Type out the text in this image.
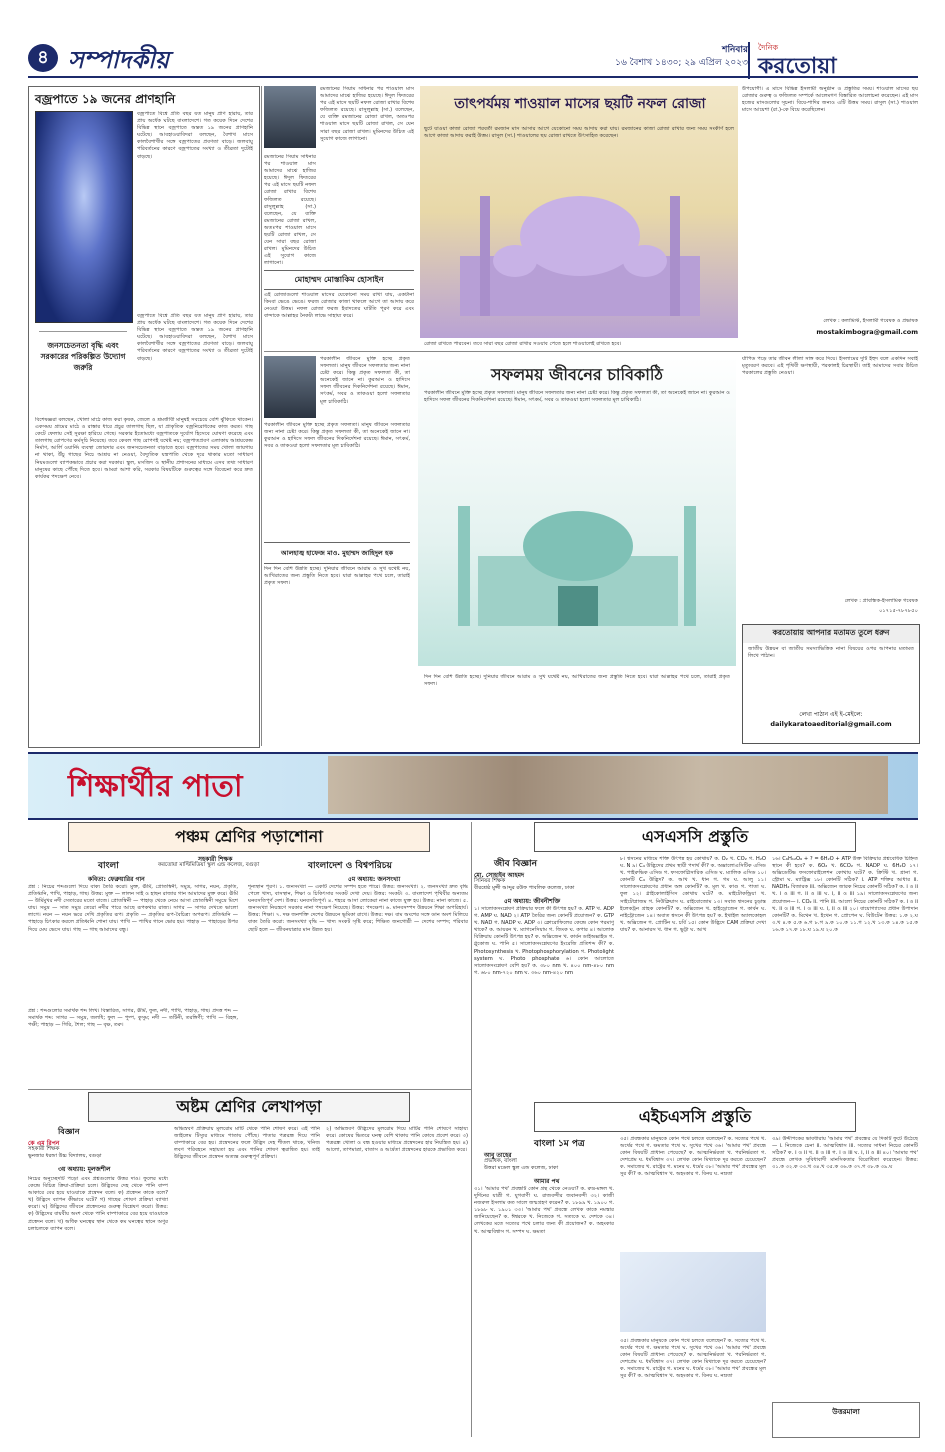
৪ সম্পাদকীয়	শনিবার
১৬ বৈশাখ ১৪৩০; ২৯ এপ্রিল ২০২৩
দৈনিক
করতোয়া
বজ্রপাতে ১৯ জনের প্রাণহানি
বজ্রপাতে বিশ্বে প্রতি বছর যত মানুষ প্রাণ হারায়, তার প্রায় অর্ধেক ঘটছে বাংলাদেশে। গত কয়েক দিনে দেশের বিভিন্ন স্থানে বজ্রপাতে অন্তত ১৯ জনের প্রাণহানি ঘটেছে। আবহাওয়াবিদরা বলছেন, বৈশাখ মাসে কালবৈশাখীর সঙ্গে বজ্রপাতের প্রবণতা বাড়ে। জলবায়ু পরিবর্তনের কারণে বজ্রপাতের সংখ্যা ও তীব্রতা দুটোই বাড়ছে।
জনসচেতনতা বৃদ্ধি এবং সরকারের পরিকল্পিত উদ্যোগ জরুরি
বজ্রপাতে বিশ্বে প্রতি বছর যত মানুষ প্রাণ হারায়, তার প্রায় অর্ধেক ঘটছে বাংলাদেশে। গত কয়েক দিনে দেশের বিভিন্ন স্থানে বজ্রপাতে অন্তত ১৯ জনের প্রাণহানি ঘটেছে। আবহাওয়াবিদরা বলছেন, বৈশাখ মাসে কালবৈশাখীর সঙ্গে বজ্রপাতের প্রবণতা বাড়ে। জলবায়ু পরিবর্তনের কারণে বজ্রপাতের সংখ্যা ও তীব্রতা দুটোই বাড়ছে।
বিশেষজ্ঞরা বলছেন, খোলা মাঠে কাজ করা কৃষক, জেলে ও শ্রমজীবী মানুষই সবচেয়ে বেশি ঝুঁকিতে থাকেন। একসময় গ্রামের মাঠে ও রাস্তার ধারে প্রচুর তালগাছ ছিল, যা প্রাকৃতিক বজ্রনিরোধকের কাজ করত। গাছ কেটে ফেলায় সেই সুরক্ষা হারিয়ে গেছে। সরকার ইতোমধ্যে বজ্রপাতকে দুর্যোগ হিসেবে ঘোষণা করেছে এবং তালগাছ রোপণের কর্মসূচি নিয়েছে। তবে কেবল গাছ রোপণই যথেষ্ট নয়; বজ্রপাতপ্রবণ এলাকায় আশ্রয়কেন্দ্র নির্মাণ, আর্লি ওয়ার্নিং ব্যবস্থা জোরদার এবং জনসচেতনতা বাড়াতে হবে। বজ্রপাতের সময় খোলা জায়গায় না থাকা, উঁচু গাছের নিচে আশ্রয় না নেওয়া, বৈদ্যুতিক যন্ত্রপাতি থেকে দূরে থাকার মতো সাধারণ নিয়মগুলো ব্যাপকভাবে প্রচার করা দরকার। স্কুল, মসজিদ ও স্থানীয় প্রশাসনের মাধ্যমে এসব তথ্য সাধারণ মানুষের কাছে পৌঁছে দিতে হবে। আমরা আশা করি, সরকার বিষয়টিকে গুরুত্বের সঙ্গে বিবেচনা করে দ্রুত কার্যকর পদক্ষেপ নেবে।
রমজানের সিয়াম সাধনার পর শাওয়াল মাস আমাদের মাঝে হাজির হয়েছে। ঈদুল ফিতরের পর এই মাসে ছয়টি নফল রোজা রাখার বিশেষ ফজিলত রয়েছে। রাসুলুল্লাহ (সা.) বলেছেন, যে ব্যক্তি রমজানের রোজা রাখল, অতঃপর শাওয়াল মাসে ছয়টি রোজা রাখল, সে যেন সারা বছর রোজা রাখল। মুমিনদের উচিত এই সুযোগ কাজে লাগানো।
রমজানের সিয়াম সাধনার পর শাওয়াল মাস আমাদের মাঝে হাজির হয়েছে। ঈদুল ফিতরের পর এই মাসে ছয়টি নফল রোজা রাখার বিশেষ ফজিলত রয়েছে। রাসুলুল্লাহ (সা.) বলেছেন, যে ব্যক্তি রমজানের রোজা রাখল, অতঃপর শাওয়াল মাসে ছয়টি রোজা রাখল, সে যেন সারা বছর রোজা রাখল। মুমিনদের উচিত এই সুযোগ কাজে লাগানো।
মোহাম্মদ মোস্তাকিম হোসাইন
এই রোজাগুলো শাওয়াল মাসের যেকোনো সময় রাখা যায়, একটানা কিংবা ভেঙে ভেঙে। ফরজ রোজার কাজা থাকলে আগে তা আদায় করে নেওয়া উত্তম। নফল রোজা ফরজ ইবাদতের ঘাটতি পূরণ করে এবং বান্দাকে আল্লাহর নৈকট্য লাভে সাহায্য করে।
তাৎপর্যময় শাওয়াল মাসের ছয়টি নফল রোজা
ছুটে যাওয়া কাজা রোজা পরবর্তী রমজান মাস আসার আগে যেকোনো সময় আদায় করা যায়। রমজানের কাজা রোজা রাখার জন্য সময় সংকীর্ণ হলে আগে কাজা আদায় করাই উত্তম। রাসুল (সা.) শাওয়ালের ছয় রোজা রাখতে উৎসাহিত করেছেন।
উপযোগী। এ মাসে বিভিন্ন ইসলামী অনুষ্ঠান ও প্রস্তুতির সময়। শাওয়াল মাসের ছয় রোজার গুরুত্ব ও ফজিলত সম্পর্কে আলেমগণ বিস্তারিত আলোচনা করেছেন। এই মাস হজের মাসগুলোর সূচনা। বিয়ে-শাদির জন্যও এটি উত্তম সময়। রাসুল (সা.) শাওয়াল মাসে আয়েশা (রা.)-কে বিয়ে করেছিলেন।
রোজা রাখতে পারবেন। তবে সারা বছর রোজা রাখার সওয়াব পেতে হলে শাওয়ালেই রাখতে হবে।
লেখক : কলামিস্ট, ইসলামী গবেষক ও প্রভাষক
mostakimbogra@gmail.com
পরকালীন জীবনে মুক্তি হচ্ছে প্রকৃত সফলতা। মানুষ জীবনে সফলতার জন্য নানা চেষ্টা করে। কিন্তু প্রকৃত সফলতা কী, তা অনেকেই জানে না। কুরআন ও হাদিসে সফল জীবনের দিকনির্দেশনা রয়েছে। ঈমান, সৎকর্ম, সবর ও তাকওয়া হলো সফলতার মূল চাবিকাঠি।
পরকালীন জীবনে মুক্তি হচ্ছে প্রকৃত সফলতা। মানুষ জীবনে সফলতার জন্য নানা চেষ্টা করে। কিন্তু প্রকৃত সফলতা কী, তা অনেকেই জানে না। কুরআন ও হাদিসে সফল জীবনের দিকনির্দেশনা রয়েছে। ঈমান, সৎকর্ম, সবর ও তাকওয়া হলো সফলতার মূল চাবিকাঠি।
আলহাজ্ব হাফেজ মাও. মুহাম্মদ জাহিদুল হক
দিন দিন বেশি উন্নতি হচ্ছে। দুনিয়ার জীবনে আরাম ও সুখ যথেষ্ট নয়, আখিরাতের জন্য প্রস্তুতি নিতে হবে। যারা আল্লাহর পথে চলে, তারাই প্রকৃত সফল।
সফলময় জীবনের চাবিকাঠি
পরকালীন জীবনে মুক্তি হচ্ছে প্রকৃত সফলতা। মানুষ জীবনে সফলতার জন্য নানা চেষ্টা করে। কিন্তু প্রকৃত সফলতা কী, তা অনেকেই জানে না। কুরআন ও হাদিসে সফল জীবনের দিকনির্দেশনা রয়েছে। ঈমান, সৎকর্ম, সবর ও তাকওয়া হলো সফলতার মূল চাবিকাঠি।
দিন দিন বেশি উন্নতি হচ্ছে। দুনিয়ার জীবনে আরাম ও সুখ যথেষ্ট নয়, আখিরাতের জন্য প্রস্তুতি নিতে হবে। যারা আল্লাহর পথে চলে, তারাই প্রকৃত সফল।
র্যাপিড পড়ে তার জীবন লীলা সাঙ্গ করে দিয়ে। ইসলামের দুটি ইহুদ বলে একদিন সবাই মৃত্যুবরণ করবে। এই পৃথিবী ক্ষণস্থায়ী, পরকালই চিরস্থায়ী। তাই আমাদের সবার উচিত পরকালের প্রস্তুতি নেওয়া।
লেখক : প্রাবন্ধিক-ইসলামিক গবেষক
০১৭১৫-৭৮৭৮৫০
করতোয়ায় আপনার মতামত তুলে ধরুন
জাতীয় উন্নয়ন বা জাতীয় সমস্যাভিত্তিক নানা বিষয়ের ওপর আপনার মতামত লিখে পাঠান।
লেখা পাঠান এই ই-মেইলে:
dailykaratoaeditorial@gmail.com
শিক্ষার্থীর পাতা
পঞ্চম শ্রেণির পড়াশোনা
বাংলা	বাংলাদেশ ও বিশ্বপরিচয়
সহকারী শিক্ষক
করতোয়া মাল্টিমিডিয়া স্কুল এন্ড কলেজ, বগুড়া
কবিতা: ফেব্রুয়ারির গান	৫ম অধ্যায়: জনসংখ্যা
প্রশ্ন : নিচের শব্দগুলো দিয়ে বাক্য তৈরি করো। মুক্ত, ঊর্মি, প্রোতস্বিনী, সমুদ্র, সাগর, নয়ন, প্রকৃতি, প্রতিধ্বনি, পাখি, পাহাড়, গাছ। উত্তর: মুক্ত — লালন সাই ও হাছন রাজার গান আমাদের মুক্ত করে। ঊর্মি — উর্মিমুখর নদী সেতারের মতো বাজে। প্রোতস্বিনী — পাহাড় থেকে নেমে আসা স্রোতস্বিনী সমুদ্রে মিশে যায়। সমুদ্র — সাত সমুদ্র তেরো নদীর পারে আছে রূপকথার রাজ্য। সাগর — সাগর দেখতে ভালো লাগে। নয়ন — নয়ন ভরে দেখি প্রকৃতির রূপ। প্রকৃতি — প্রকৃতির রূপ-বৈচিত্র্য অপরূপ। প্রতিধ্বনি — পাহাড়ে চিৎকার করলে প্রতিধ্বনি শোনা যায়। পাখি — পাখির গানে ভোর হয়। পাহাড় — পাহাড়ের উপর দিয়ে মেঘ ভেসে যায়। গাছ — গাছ আমাদের বন্ধু।
প্রশ্ন : শব্দগুলোর সমার্থক শব্দ লিখ। বিস্তারিত, সাগর, ঊর্মি, ফুল, নদী, পাখি, পাহাড়, গাছ। প্রদত্ত শব্দ — সমার্থক শব্দ: সাগর — সমুদ্র, জলধি; ফুল — পুষ্প, কুসুম; নদী — তটিনী, তরঙ্গিণী; পাখি — বিহঙ্গ, পক্ষী; পাহাড় — গিরি, শৈল; গাছ — বৃক্ষ, তরু।
শূন্যস্থান পূরণ। ১. জনসংখ্যা — একটি দেশের সম্পদ হতে পারে। উত্তর: জনসংখ্যা। ২. জনসংখ্যা দ্রুত বৃদ্ধি পেলে খাদ্য, বাসস্থান, শিক্ষা ও চিকিৎসার সংকট দেখা দেয়। উত্তর: সংকট। ৩. বাংলাদেশ পৃথিবীর অন্যতম ঘনবসতিপূর্ণ দেশ। উত্তর: ঘনবসতিপূর্ণ। ৪. শহরে আসা লোকেরা নানা কাজে যুক্ত হয়। উত্তর: নানা কাজে। ৫. জনসংখ্যা নিয়ন্ত্রণে সরকার নানা পদক্ষেপ নিয়েছে। উত্তর: পদক্ষেপ। ৬. মানবসম্পদ উন্নয়নে শিক্ষা অপরিহার্য। উত্তর: শিক্ষা। ৭. দক্ষ জনশক্তি দেশের উন্নয়নে ভূমিকা রাখে। উত্তর: দক্ষ। বাম অংশের সঙ্গে ডান অংশ মিলিয়ে বাক্য তৈরি করো: জনসংখ্যা বৃদ্ধি — খাদ্য সংকট সৃষ্টি করে; শিক্ষিত জনগোষ্ঠী — দেশের সম্পদ; পরিবার ছোট হলে — জীবনযাত্রার মান উন্নত হয়।
এসএসসি প্রস্তুতি
জীব বিজ্ঞান
মো. সোহাইব আহমদ
সিনিয়র শিক্ষক
বীরশ্রেষ্ঠ মুন্সী আব্দুর রউফ পাবলিক কলেজ, ঢাকা
৫ম অধ্যায়: জীবনীশক্তি
১। সালোকসংশ্লেষণ প্রক্রিয়ার ফলে কী উৎপন্ন হয়? ক. ATP খ. ADP গ. AMP ঘ. NAD ২। ATP তৈরির জন্য কোনটি প্রয়োজন? ক. GTP খ. NAD গ. NADP ঘ. ADP ৩। ক্লোরোফিলের কেন্দ্রে কোন পরমাণু থাকে? ক. আয়রন খ. ম্যাগনেসিয়াম গ. জিংক ঘ. কপার ৪। আলোক বিক্রিয়ায় কোনটি উৎপন্ন হয়? ক. অক্সিজেন খ. কার্বন ডাইঅক্সাইড গ. গ্লুকোজ ঘ. পানি ৫। সালোকসংশ্লেষণের ইংরেজি প্রতিশব্দ কী? ক. Photosynthesis খ. Photophosphorylation গ. Photolight system ঘ. Photo phosphate ৬। কোন আলোতে সালোকসংশ্লেষণ বেশি হয়? ক. ৩৮০ nm খ. ৪০০ nm-৪৮০ nm গ. ৬৮০ nm-৭২০ nm ঘ. ৩৬০ nm-৪২০ nm
৮। শ্বসনের মাধ্যমে শক্তি উৎপন্ন হয় কোথায়? ক. O₂ খ. CO₂ গ. H₂O ঘ. N ৯। C₄ উদ্ভিদের প্রথম স্থায়ী পদার্থ কী? ক. অক্সালোএসিটিক এসিড খ. পাইরুভিক এসিড গ. ফসফোগ্লিসারিক এসিড ঘ. ম্যালিক এসিড ১০। কোনটি C₄ উদ্ভিদ? ক. আখ খ. ধান গ. গম ঘ. আলু ১১। সালোকসংশ্লেষণের প্রধান অঙ্গ কোনটি? ক. মূল খ. কাণ্ড গ. পাতা ঘ. ফুল ১২। গ্লাইকোলাইসিস কোথায় ঘটে? ক. মাইটোকন্ড্রিয়া খ. সাইটোপ্লাজম গ. নিউক্লিয়াস ঘ. রাইবোজোম ১৩। সবাত শ্বসনের চূড়ান্ত ইলেকট্রন গ্রাহক কোনটি? ক. অক্সিজেন খ. হাইড্রোজেন গ. কার্বন ঘ. নাইট্রোজেন ১৪। অবাত শ্বসনে কী উৎপন্ন হয়? ক. ইথাইল অ্যালকোহল খ. অক্সিজেন গ. প্রোটিন ঘ. চর্বি ১৫। কোন উদ্ভিদে CAM প্রক্রিয়া দেখা যায়? ক. আনারস খ. ধান গ. ভুট্টা ঘ. আখ
১৬। C₆H₁₂O₆ + ? = 6H₂O + ATP উক্ত বিক্রিয়ার প্রশ্নবোধক চিহ্নিত স্থানে কী হবে? ক. 6O₂ খ. 6CO₂ গ. NADP ঘ. 6H₂O ১৭। অক্সিডেটিভ ফসফোরাইলেশন কোথায় ঘটে? ক. ক্রিস্টি খ. গ্রানা গ. স্ট্রোমা ঘ. ম্যাট্রিক্স ১৮। কোনটি সঠিক? i. ATP শক্তির আধার ii. NADH₂ বিজারক iii. অক্সিজেন জারক নিচের কোনটি সঠিক? ক. i ও ii খ. i ও iii গ. ii ও iii ঘ. i, ii ও iii ১৯। সালোকসংশ্লেষণের জন্য প্রয়োজন— i. CO₂ ii. পানি iii. আলো নিচের কোনটি সঠিক? ক. i ও ii খ. ii ও iii গ. i ও iii ঘ. i, ii ও iii ২০। বায়োগ্যাসের প্রধান উপাদান কোনটি? ক. মিথেন খ. ইথেন গ. প্রোপেন ঘ. বিউটেন উত্তর: ১.ক ২.ঘ ৩.খ ৪.ক ৫.ক ৬.গ ৮.গ ৯.ক ১০.ক ১১.গ ১২.খ ১৩.ক ১৪.ক ১৫.ক ১৬.ক ১৭.ক ১৮.ঘ ১৯.ঘ ২০.ক
অষ্টম শ্রেণির লেখাপড়া
বিজ্ঞান
কে এম রিপন
সহকারী শিক্ষক
ভুনজার ধরন্ডা উচ্চ বিদ্যালয়, বগুড়া
৩য় অধ্যায়: মূলজশীল
নিচের অনুচ্ছেদটি পড়ো এবং প্রশ্নগুলোর উত্তর দাও। ফুলের মধ্যে কেন্দ্রে বিচিত্র ক্রিয়া-প্রক্রিয়া চলে। উদ্ভিদের দেহ থেকে পানি বাষ্প আকারে বের হয়ে যাওয়াকে প্রস্বেদন বলে। ক) প্রস্বেদন কাকে বলে? খ) উদ্ভিদে ব্যাপন কীভাবে ঘটে? গ) গাছের শোষণ প্রক্রিয়া ব্যাখ্যা করো। ঘ) উদ্ভিদের জীবনে প্রস্বেদনের গুরুত্ব বিশ্লেষণ করো। উত্তর: ক) উদ্ভিদের বায়বীয় অংশ থেকে পানি বাষ্পাকারে বের হয়ে যাওয়াকে প্রস্বেদন বলে। খ) অধিক ঘনত্বের স্থান থেকে কম ঘনত্বের স্থানে অণুর চলাচলকে ব্যাপন বলে।
অভিস্রবণ প্রক্রিয়ায় মূলরোম মাটি থেকে পানি শোষণ করে। এই পানি জাইলেম টিস্যুর মাধ্যমে পাতায় পৌঁছে। পাতার পত্ররন্ধ্র দিয়ে পানি বাষ্পাকারে বের হয়। প্রস্বেদনের ফলে উদ্ভিদ দেহ শীতল থাকে, খনিজ লবণ পরিবহনে সহায়তা হয় এবং পানির শোষণ ত্বরান্বিত হয়। তাই উদ্ভিদের জীবনে প্রস্বেদন অত্যন্ত গুরুত্বপূর্ণ প্রক্রিয়া।
২) অভিস্রবণ উদ্ভিদের মূলরোম দিয়ে মাটির পানি শোষণে সাহায্য করে। কোষের ভিতরে ঘনত্ব বেশি থাকায় পানি কোষে প্রবেশ করে। ৩) পত্ররন্ধ্র খোলা ও বন্ধ হওয়ার মাধ্যমে প্রস্বেদনের হার নিয়ন্ত্রিত হয়। ৪) আলো, তাপমাত্রা, বাতাস ও আর্দ্রতা প্রস্বেদনের হারকে প্রভাবিত করে।
এইচএসসি প্রস্তুতি
বাংলা ১ম পত্র
আবু তাহের
প্রভাষক, বাংলা
উত্তরা মডেল স্কুল এন্ড কলেজ, ঢাকা
আমার পথ
৩১। 'আমার পথ' প্রবন্ধটি কোন গ্রন্থ থেকে নেওয়া? ক. রুদ্র-মঙ্গল খ. দুর্দিনের যাত্রী গ. যুগবাণী ঘ. রাজবন্দীর জবানবন্দী ৩২। কাজী নজরুল ইসলাম কত সালে জন্মগ্রহণ করেন? ক. ১৮৯৯ খ. ১৯০০ গ. ১৮৯৮ ঘ. ১৯০১ ৩৩। 'আমার পথ' প্রবন্ধে লেখক কাকে নমস্কার জানিয়েছেন? ক. ঈশ্বরকে খ. নিজেকে গ. সত্যকে ঘ. দেশকে ৩৪। লেখকের মতে সত্যের পথে চলার জন্য কী প্রয়োজন? ক. অহংকার খ. আত্মবিশ্বাস গ. সম্পদ ঘ. ক্ষমতা
৩৫। প্রবন্ধকার মানুষকে কোন পথে চলতে বলেছেন? ক. সত্যের পথে খ. অর্থের পথে গ. ক্ষমতার পথে ঘ. সুখের পথে ৩৬। 'আমার পথ' প্রবন্ধে কোন বিষয়টি প্রাধান্য পেয়েছে? ক. আত্মনির্ভরতা খ. পরনির্ভরতা গ. দেশপ্রেম ঘ. ধর্মবিশ্বাস ৩৭। লেখক কোন মিথ্যাকে দূর করতে চেয়েছেন? ক. সমাজের খ. রাষ্ট্রের গ. মনের ঘ. ধর্মের ৩৮। 'আমার পথ' প্রবন্ধের মূল সুর কী? ক. আত্মবিশ্বাস খ. অহংকার গ. বিনয় ঘ. নম্রতা
৩৫। প্রবন্ধকার মানুষকে কোন পথে চলতে বলেছেন? ক. সত্যের পথে খ. অর্থের পথে গ. ক্ষমতার পথে ঘ. সুখের পথে ৩৬। 'আমার পথ' প্রবন্ধে কোন বিষয়টি প্রাধান্য পেয়েছে? ক. আত্মনির্ভরতা খ. পরনির্ভরতা গ. দেশপ্রেম ঘ. ধর্মবিশ্বাস ৩৭। লেখক কোন মিথ্যাকে দূর করতে চেয়েছেন? ক. সমাজের খ. রাষ্ট্রের গ. মনের ঘ. ধর্মের ৩৮। 'আমার পথ' প্রবন্ধের মূল সুর কী? ক. আত্মবিশ্বাস খ. অহংকার গ. বিনয় ঘ. নম্রতা
৩৯। উদ্দীপকের ভাবধারায় 'আমার পথ' প্রবন্ধের যে দিকটি ফুটে উঠেছে— i. নিজেকে চেনা ii. আত্মবিশ্বাস iii. সত্যের সাধনা নিচের কোনটি সঠিক? ক. i ও ii খ. ii ও iii গ. i ও iii ঘ. i, ii ও iii ৪০। 'আমার পথ' প্রবন্ধে লেখক সুবিধাবাদী মানসিকতার বিরোধিতা করেছেন। উত্তর: ৩১.ক ৩২.ক ৩৩.খ ৩৪.খ ৩৫.ক ৩৬.ক ৩৭.গ ৩৮.ক ৩৯.ঘ
উত্তরমালা
